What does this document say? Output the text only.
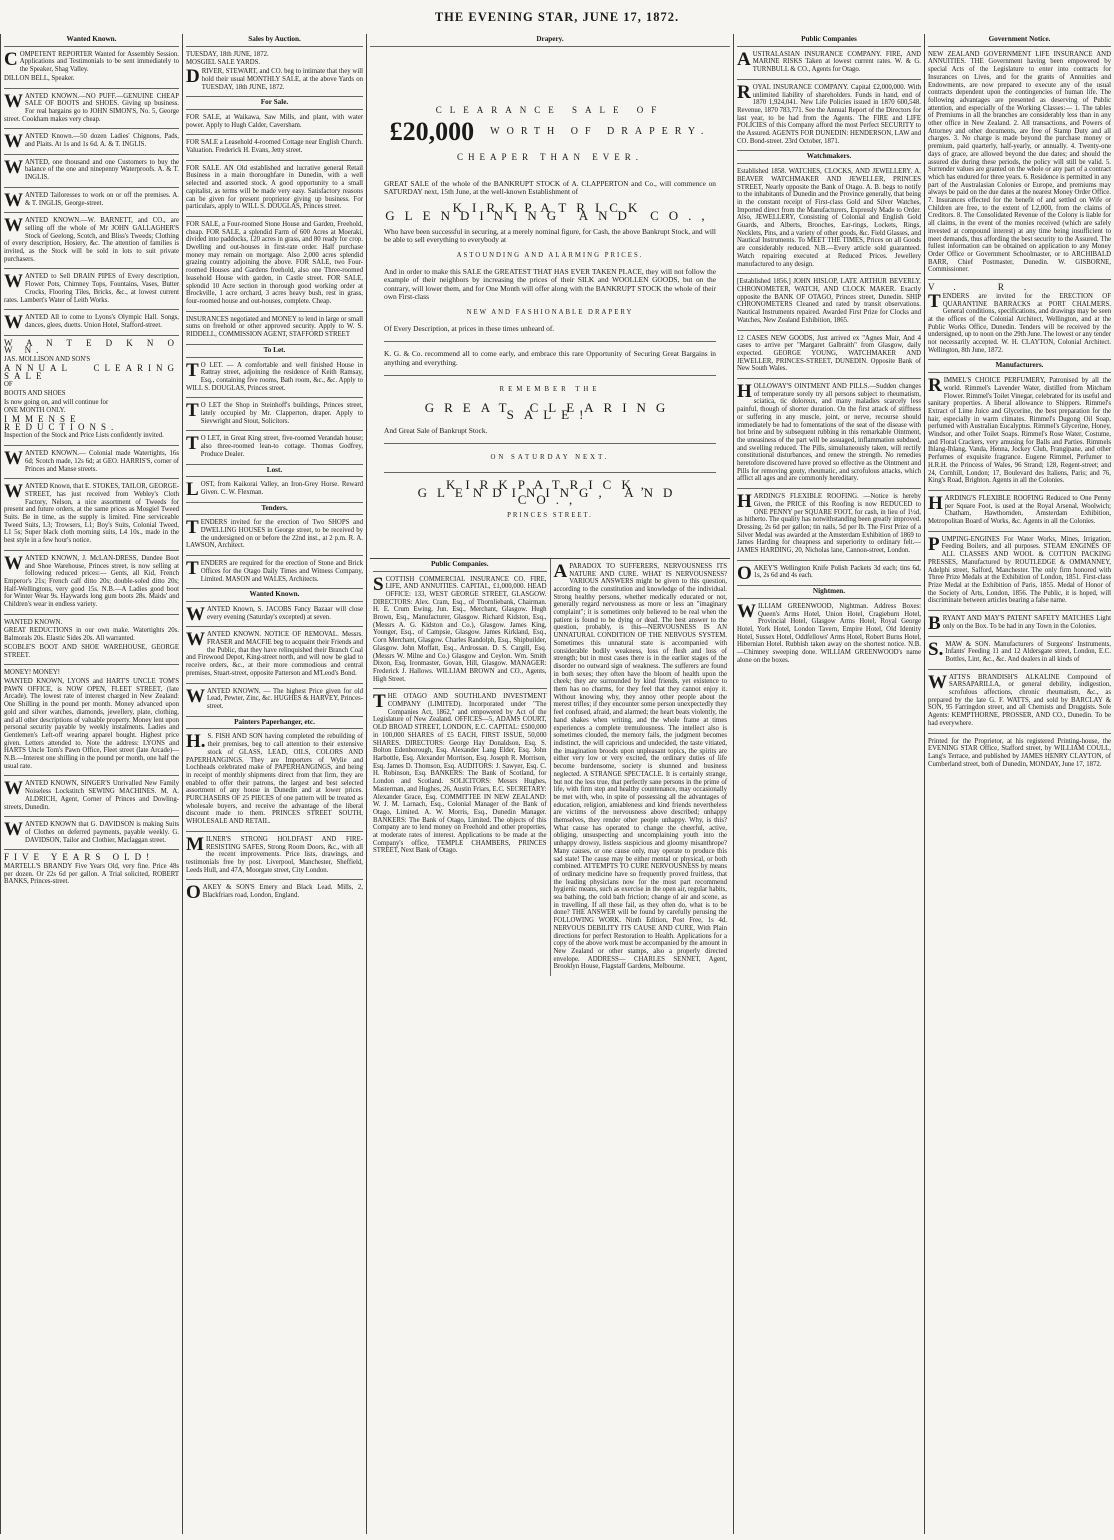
THE EVENING STAR, JUNE 17, 1872.
Wanted Known.

COMPETENT REPORTER Wanted for Assembly Session. Applications and Testimonials to be sent immediately to the Speaker, Shag Valley.

DILLON BELL, Speaker.

WANTED KNOWN.—NO PUFF.—GENUINE CHEAP SALE OF BOOTS and SHOES. Giving up business. For real bargains go to JOHN SIMON'S, No. 5, George street. Cookham makes very cheap.

WANTED Known.—50 dozen Ladies' Chignons, Pads, and Plaits. At 1s and 1s 6d. A. & T. INGLIS.

WANTED, one thousand and one Customers to buy the balance of the one and ninepenny Waterproofs. A. & T. INGLIS.

WANTED Tailoresses to work on or off the premises. A. & T. INGLIS, George-street.

WANTED KNOWN.—W. BARNETT, and CO., are selling off the whole of Mr JOHN GALLAGHER'S Stock of Geelong, Scotch, and Bliss's Tweeds; Clothing of every description, Hosiery, &c. The attention of families is invited, as the Stock will be sold in lots to suit private purchasers.

WANTED to Sell DRAIN PIPES of Every description, Flower Pots, Chimney Tops, Fountains, Vases, Butter Crocks, Flooring Tiles, Bricks, &c., at lowest current rates. Lambert's Water of Leith Works.

WANTED All to come to Lyons's Olympic Hall. Songs, dances, glees, duetts. Union Hotel, Stafford-street.

W A N T E D K N O W N.

JAS. MOLLISON AND SON'S

ANNUAL CLEARING SALE

OF

BOOTS AND SHOES

Is now going on, and will continue for

ONE MONTH ONLY.

IMMENSE REDUCTIONS.

Inspection of the Stock and Price Lists confidently invited.

WANTED KNOWN.— Colonial made Watertights, 16s 6d; Scotch made, 12s 6d; at GEO. HARRIS'S, corner of Princes and Manse streets.

WANTED Known, that E. STOKES, TAILOR, GEORGE-STREET, has just received from Webley's Cloth Factory, Nelson, a nice assortment of Tweeds for present and future orders, at the same prices as Mosgiel Tweed Suits. Be in time, as the supply is limited. Fine serviceable Tweed Suits, L3; Trowsers, L1; Boy's Suits, Colonial Tweed, L1 5s; Super black cloth morning suits, L4 10s., made in the best style in a few hour's notice.

WANTED KNOWN, J. McLAN-DRESS, Dundee Boot and Shoe Warehouse, Princes street, is now selling at following reduced prices:— Gents, all Kid, French Emperor's 21s; French calf ditto 20s; double-soled ditto 20s; Half-Wellingtons, very good 15s. N.B.—A Ladies good boot for Winter Wear 9s. Haywards long gum boots 28s. Maids' and Children's wear in endless variety.

WANTED KNOWN.

GREAT REDUCTIONS in our own make. Watertights 20s. Balmorals 20s. Elastic Sides 20s. All warranted.

SCOBLE'S BOOT AND SHOE WAREHOUSE, GEORGE STREET.

MONEY! MONEY!

WANTED KNOWN, LYONS and HART'S UNCLE TOM'S PAWN OFFICE, is NOW OPEN, FLEET STREET, (late Arcade). The lowest rate of interest charged in New Zealand: One Shilling in the pound per month. Money advanced upon gold and silver watches, diamonds, jewellery, plate, clothing, and all other descriptions of valuable property. Money lent upon personal security payable by weekly instalments. Ladies and Gentlemen's Left-off wearing apparel bought. Highest price given. Letters attended to. Note the address: LYONS and HARTS Uncle Tom's Pawn Office, Fleet street (late Arcade)— N.B.—Interest one shilling in the pound per month, one half the usual rate.

WANTED KNOWN, SINGER'S Unrivalled New Family Noiseless Lockstitch SEWING MACHINES. M. A. ALDRICH, Agent, Corner of Princes and Dowling-streets, Dunedin.

WANTED KNOWN that G. DAVIDSON is making Suits of Clothes on deferred payments, payable weekly. G. DAVIDSON, Tailor and Clothier, Maclaggan street.

FIVE YEARS OLD!

MARTELL'S BRANDY Five Years Old, very fine. Price 48s per dozen. Or 22s 6d per gallon. A Trial solicited, ROBERT BANKS, Princes-street.

Sales by Auction.

TUESDAY, 18th JUNE, 1872.

MOSGIEL SALE YARDS.

DRIVER, STEWART, and CO. beg to intimate that they will hold their usual MONTHLY SALE, at the above Yards on TUESDAY, 18th JUNE, 1872.

For Sale.

FOR SALE, at Waikawa, Saw Mills, and plant, with water power. Apply to Hugh Calder, Caversham.

FOR SALE a Leasehold 4-roomed Cottage near English Church. Valuation. Frederick H. Evans, Jetty street.

FOR SALE. AN Old established and lucrative general Retail Business in a main thoroughfare in Dunedin, with a well selected and assorted stock. A good opportunity to a small capitalist, as terms will be made very easy. Satisfactory reasons can be given for present proprietor giving up business. For particulars, apply to WILL S. DOUGLAS, Princes street.

FOR SALE, a Four-roomed Stone House and Garden, Freehold, cheap. FOR SALE, a splendid Farm of 600 Acres at Moeraki, divided into paddocks, 120 acres in grass, and 80 ready for crop. Dwelling and out-houses in first-rate order. Half purchase money may remain on mortgage. Also 2,000 acres splendid grazing country adjoining the above. FOR SALE, two Four-roomed Houses and Gardens freehold, also one Three-roomed leasehold House with garden, in Castle street. FOR SALE, splendid 10 Acre section in thorough good working order at Brockville, 1 acre orchard, 3 acres heavy bush, rest in grass, four-roomed house and out-houses, complete. Cheap.

INSURANCES negotiated and MONEY to lend in large or small sums on freehold or other approved security. Apply to W. S. RIDDELL, COMMISSION AGENT, STAFFORD STREET

To Let.

TO LET. — A comfortable and well finished House in Rattray street, adjoining the residence of Keith Ramsay, Esq., containing five rooms, Bath room, &c., &c. Apply to WILL S. DOUGLAS, Princes street.

TO LET the Shop in Steinhoff's buildings, Princes street, lately occupied by Mr. Clapperton, draper. Apply to Sievwright and Stout, Solicitors.

TO LET, in Great King street, five-roomed Verandah house; also three-roomed lean-to cottage. Thomas Godfrey, Produce Dealer.

Lost.

LOST, from Kaikorai Valley, an Iron-Grey Horse. Reward Given. C. W. Flexman.

Tenders.

TENDERS invited for the erection of Two SHOPS and DWELLING HOUSES in George street, to be received by the undersigned on or before the 22nd inst., at 2 p.m. R. A. LAWSON, Architect.

TENDERS are required for the erection of Stone and Brick Offices for the Otago Daily Times and Witness Company, Limited. MASON and WALES, Architects.

Wanted Known.

WANTED Known, S. JACOBS Fancy Bazaar will close every evening (Saturday's excepted) at seven.

WANTED KNOWN. NOTICE OF REMOVAL. Messrs. FRASER and MACFIE beg to acquaint their Friends and the Public, that they have relinquished their Branch Coal and Firewood Depot, King-street north, and will now be glad to receive orders, &c., at their more commodious and central premises, Stuart-street, opposite Patterson and M'Leod's Bond.

WANTED KNOWN. — The highest Price given for old Lead, Pewter, Zinc, &c. HUGHES & HARVEY, Princes-street.

Painters Paperhanger, etc.

H.S. FISH AND SON having completed the rebuilding of their premises, beg to call attention to their extensive stock of GLASS, LEAD, OILS, COLORS AND PAPERHANGINGS. They are Importers of Wylie and Lochheads celebrated make of PAPERHANGINGS, and being in receipt of monthly shipments direct from that firm, they are enabled to offer their patrons, the largest and best selected assortment of any house in Dunedin and at lower prices. PURCHASERS OF 25 PIECES of one pattern will be treated as wholesale buyers, and receive the advantage of the liberal discount made to them. PRINCES STREET SOUTH, WHOLESALE AND RETAIL.

MILNER'S STRONG HOLDFAST AND FIRE-RESISTING SAFES, Strong Room Doors, &c., with all the recent improvements. Price lists, drawings, and testimonials free by post. Liverpool, Manchester, Sheffield, Leeds Hull, and 47A, Moorgate street, City London.

OAKEY & SON'S Emery and Black Lead. Mills, 2, Blackfriars road, London, England.

Drapery.
CLEARANCE SALE OF
£20,000 WORTH OF DRAPERY.
CHEAPER THAN EVER.

GREAT SALE of the whole of the BANKRUPT STOCK of A. CLAPPERTON and Co., will commence on SATURDAY next, 15th June, at the well-known Establishment of

KIRKPATRICK GLENDINING AND CO.,

Who have been successful in securing, at a merely nominal figure, for Cash, the above Bankrupt Stock, and will be able to sell everything to everybody at

ASTOUNDING AND ALARMING PRICES.

And in order to make this SALE the GREATEST THAT HAS EVER TAKEN PLACE, they will not follow the example of their neighbors by increasing the prices of their SILK and WOOLLEN GOODS, but on the contrary, will lower them, and for One Month will offer along with the BANKRUPT STOCK the whole of their own First-class

NEW AND FASHIONABLE DRAPERY

Of Every Description, at prices in these times unheard of.

K. G. & Co. recommend all to come early, and embrace this rare Opportunity of Securing Great Bargains in anything and everything.

REMEMBER THE
GREAT CLEARING SALE!

And Great Sale of Bankrupt Stock.

ON SATURDAY NEXT.
KIRKPATRICK, GLENDINING, AND CO.,
PRINCES STREET.
Public Companies.

SCOTTISH COMMERCIAL INSURANCE CO. FIRE, LIFE, AND ANNUITIES. CAPITAL, £1,000,000. HEAD OFFICE: 133, WEST GEORGE STREET, GLASGOW. DIRECTORS: Alex. Cram, Esq., of Thornliebank, Chairman. H. E. Crum Ewing, Jun. Esq., Merchant, Glasgow. Hugh Brown, Esq., Manufacturer, Glasgow. Richard Kidston, Esq., (Messrs A. G. Kidston and Co.), Glasgow. James King, Younger, Esq., of Campsie, Glasgow. James Kirkland, Esq., Corn Merchant, Glasgow. Charles Randolph, Esq., Shipbuilder, Glasgow. John Moffatt, Esq., Ardrossan. D. S. Cargill, Esq. (Messrs W. Milne and Co.) Glasgow and Ceylon. Wm. Smith Dixon, Esq, Ironmaster, Govan, Hill, Glasgow. MANAGER: Frederick J. Hallows. WILLIAM BROWN and CO., Agents, High Street.

THE OTAGO AND SOUTHLAND INVESTMENT COMPANY (LIMITED). Incorporated under "The Companies Act, 1862," and empowered by Act of the Legislature of New Zealand. OFFICES—5, ADAMS COURT, OLD BROAD STREET, LONDON, E.C. CAPITAL: £500,000 in 100,000 SHARES of £5 EACH, FIRST ISSUE, 50,000 SHARES. DIRECTORS: George Hay Donaldson, Esq. S. Bolton Edenborough, Esq. Alexander Lang Elder, Esq. John Harbottle, Esq. Alexander Morrison, Esq. Joseph R. Morrison, Esq. James D. Thomson, Esq. AUDITORS: J. Sawyer, Esq. C. H. Robinson, Esq. BANKERS: The Bank of Scotland, for London and Scotland. SOLICITORS: Messrs Hughes, Masterman, and Hughes, 26, Austin Friars, E.C. SECRETARY: Alexander Grace, Esq. COMMITTEE IN NEW ZEALAND: W. J. M. Larnach, Esq., Colonial Manager of the Bank of Otago, Limited. A. W. Morris, Esq., Dunedin Manager. BANKERS: The Bank of Otago, Limited. The objects of this Company are to lend money on Freehold and other properties, at moderate rates of interest. Applications to be made at the Company's office, TEMPLE CHAMBERS, PRINCES STREET, Next Bank of Otago.

APARADOX TO SUFFERERS, NERVOUSNESS ITS NATURE AND CURE. WHAT IS NERVOUSNESS? VARIOUS ANSWERS might be given to this question, according to the constitution and knowledge of the individual. Strong healthy persons, whether medically educated or not, generally regard nervousness as more or less an "imaginary complaint"; it is sometimes only believed to be real when the patient is found to be dying or dead. The best answer to the question, probably, is this—NERVOUSNESS IS AN UNNATURAL CONDITION OF THE NERVOUS SYSTEM. Sometimes this unnatural state is accompanied with considerable bodily weakness, loss of flesh and loss of strength; but in most cases there is in the earlier stages of the disorder no outward sign of weakness. The sufferers are found in both sexes; they often have the bloom of health upon the cheek; they are surrounded by kind friends, yet existence to them has no charms, for they feel that they cannot enjoy it. Without knowing why, they annoy other people about the merest trifles; if they encounter some person unexpectedly they feel confused, afraid, and alarmed; the heart beats violently, the hand shakes when writing, and the whole frame at times experiences a complete tremulousness. The intellect also is sometimes clouded, the memory fails, the judgment becomes indistinct, the will capricious and undecided, the taste vitiated, the imagination broods upon unpleasant topics, the spirits are either very low or very excited, the ordinary duties of life become burdensome, society is shunned and business neglected. A STRANGE SPECTACLE. It is certainly strange, but not the less true, that perfectly sane persons in the prime of life, with firm step and healthy countenance, may occasionally be met with, who, in spite of possessing all the advantages of education, religion, amiableness and kind friends nevertheless are victims of the nervousness above described; unhappy themselves, they render other people unhappy. Why, is this? What cause has operated to change the cheerful, active, obliging, unsuspecting and uncomplaining youth into the unhappy drowsy, listless suspicious and gloomy misanthrope? Many causes, or one cause only, may operate to produce this sad state! The cause may be either mental or physical, or both combined. ATTEMPTS TO CURE NERVOUSNESS by means of ordinary medicine have so frequently proved fruitless, that the leading physicians now for the most part recommend hygienic means, such as exercise in the open air, regular habits, sea bathing, the cold bath friction; change of air and scene, as in travelling. If all these fail, as they often do, what is to be done? THE ANSWER will be found by carefully perusing the FOLLOWING WORK. Ninth Edition, Post Free, 1s 4d. NERVOUS DEBILITY ITS CAUSE AND CURE, With Plain directions for perfect Restoration to Health. Applications for a copy of the above work must be accompanied by the amount in New Zealand or other stamps, also a properly directed envelope. ADDRESS— CHARLES SENNET, Agent, Brooklyn House, Flagstaff Gardens, Melbourne.

Public Companies

AUSTRALASIAN INSURANCE COMPANY. FIRE, AND MARINE RISKS Taken at lowest current rates. W. & G. TURNBULL & CO., Agents for Otago.

ROYAL INSURANCE COMPANY. Capital £2,000,000. With unlimited liability of shareholders. Funds in hand, end of 1870 1,924,041. New Life Policies issued in 1870 600,548. Revenue, 1870 783,771. See the Annual Report of the Directors for last year, to be had from the Agents. The FIRE and LIFE POLICIES of this Company afford the most Perfect SECURITY to the Assured. AGENTS FOR DUNEDIN: HENDERSON, LAW and CO. Bond-street. 23rd October, 1871.

Watchmakers.

Established 1858. WATCHES, CLOCKS, AND JEWELLERY. A. BEAVER WATCHMAKER AND JEWELLER, PRINCES STREET, Nearly opposite the Bank of Otago. A. B. begs to notify to the inhabitants of Dunedin and the Province generally, that being in the constant receipt of First-class Gold and Silver Watches, Imported direct from the Manufacturers, Expressly Made to Order. Also, JEWELLERY, Consisting of Colonial and English Gold Guards, and Alberts, Brooches, Ear-rings, Lockets, Rings, Necklets, Pins, and a variety of other goods, &c. Field Glasses, and Nautical Instruments. To MEET THE TIMES, Prices on all Goods are considerably reduced. N.B.—Every article sold guaranteed. Watch repairing executed at Reduced Prices. Jewellery manufactured to any design.

[Established 1856.] JOHN HISLOP, LATE ARTHUR BEVERLY. CHRONOMETER, WATCH, AND CLOCK MAKER. Exactly opposite the BANK OF OTAGO, Princes street, Dunedin. SHIP CHRONOMETERS Cleaned and rated by transit observations. Nautical Instruments repaired. Awarded First Prize for Clocks and Watches, New Zealand Exhibition, 1865.

12 CASES NEW GOODS, Just arrived ex "Agnes Muir, And 4 cases to arrive per "Margaret Galbraith" from Glasgow, daily expected. GEORGE YOUNG, WATCHMAKER AND JEWELLER, PRINCES-STREET, DUNEDIN. Opposite Bank of New South Wales.

HOLLOWAY'S OINTMENT AND PILLS.—Sudden changes of temperature sorely try all persons subject to rheumatism, sciatica, tic doloreux, and many maladies scarcely less painful, though of shorter duration. On the first attack of stiffness or suffering in any muscle, joint, or nerve, recourse should immediately be had to fomentations of the seat of the disease with hot brine and by subsequent rubbing in this remarkable Ointment, the uneasiness of the part will be assuaged, inflammation subdued, and swelling reduced. The Pills, simultaneously taken, will rectify constitutional disturbances, and renew the strength. No remedies heretofore discovered have proved so effective as the Ointment and Pills for removing gouty, rheumatic, and scrofulous attacks, which afflict all ages and are commonly hereditary.

HARDING'S FLEXIBLE ROOFING. —Notice is hereby Given, the PRICE of this Roofing is now REDUCED to ONE PENNY per SQUARE FOOT, for cash, in lieu of 1½d, as hitherto. The quality has notwithstanding been greatly improved. Dressing, 2s 6d per gallon; tin nails, 5d per lb. The First Prize of a Silver Medal was awarded at the Amsterdam Exhibition of 1869 to James Harding for cheapness and superiority to ordinary felt.—JAMES HARDING, 20, Nicholas lane, Cannon-street, London.

OAKEY'S Wellington Knife Polish Packets 3d each; tins 6d, 1s, 2s 6d and 4s each.

Nightmen.

WILLIAM GREENWOOD, Nightman. Address Boxes: Queen's Arms Hotel, Union Hotel, Cragieburn Hotel, Provincial Hotel, Glasgow Arms Hotel, Royal George Hotel, York Hotel, London Tavern, Empire Hotel, Old Identity Hotel, Sussex Hotel, Oddfellows' Arms Hotel, Robert Burns Hotel, Hibernian Hotel. Rubbish taken away on the shortest notice. N.B.—Chimney sweeping done. WILLIAM GREENWOOD's name alone on the boxes.

Government Notice.

NEW ZEALAND GOVERNMENT LIFE INSURANCE AND ANNUITIES. THE Government having been empowered by special Acts of the Legislature to enter into contracts for Insurances on Lives, and for the grants of Annuities and Endowments, are now prepared to execute any of the usual contracts dependent upon the contingencies of human life. The following advantages are presented as deserving of Public attention, and especially of the Working Classes:— 1. The tables of Premiums in all the branches are considerably less than in any other office in New Zealand. 2. All transactions, and Powers of Attorney and other documents, are free of Stamp Duty and all charges. 3. No charge is made beyond the purchase money or premium, paid quarterly, half-yearly, or annually. 4. Twenty-one days of grace, are allowed beyond the due dates; and should the assured die during these periods, the policy will still be valid. 5. Surrender values are granted on the whole or any part of a contract which has endured for three years. 6. Residence is permitted in any part of the Australasian Colonies or Europe, and premiums may always be paid on the due dates at the nearest Money Order Office. 7. Insurances effected for the benefit of and settled on Wife or Children are free, to the extent of L2,000, from the claims of Creditors. 8. The Consolidated Revenue of the Colony is liable for all claims, in the event of the monies received (which are safely invested at compound interest) at any time being insufficient to meet demands, thus affording the best security to the Assured. The fullest information can be obtained on application to any Money Order Office or Government Schoolmaster, or to ARCHIBALD BARR, Chief Postmaster, Dunedin. W. GISBORNE, Commissioner.

V. R.

TENDERS are invited for the ERECTION OF QUARANTINE BARRACKS at PORT CHALMERS. General conditions, specifications, and drawings may be seen at the offices of the Colonial Architect, Wellington, and at the Public Works Office, Dunedin. Tenders will be received by the undersigned, up to noon on the 29th June. The lowest or any tender not necessarily accepted. W. H. CLAYTON, Colonial Architect. Wellington, 8th June, 1872.

Manufacturers.

RIMMEL'S CHOICE PERFUMERY, Patronised by all the world. Rimmel's Lavender Water, distilled from Mitcham Flower. Rimmel's Toilet Vinegar, celebrated for its useful and sanitary properties. A liberal allowance to Shippers. Rimmel's Extract of Lime Juice and Glycerine, the best preparation for the hair, especially in warm climates. Rimmel's Dugong Oil Soap, perfumed with Australian Eucalyptus. Rimmel's Glycerine, Honey, Windsor, and other Toilet Soaps. Rimmel's Rose Water, Costume, and Floral Crackers, very amusing for Balls and Parties. Rimmels Ihlang-Ihlang, Vanda, Henna, Jockey Club, Frangipane, and other Perfumes of exquisite fragrance. Eugene Rimmel, Perfumer to H.R.H. the Princess of Wales, 96 Strand; 128, Regent-street; and 24, Cornhill, London; 17, Boulevard des Italiens, Paris; and 76, King's Road, Brighton. Agents in all the Colonies.

HARDING'S FLEXIBLE ROOFING Reduced to One Penny per Square Foot, is used at the Royal Arsenal, Woolwich; Chatham, Hawthornden, Amsterdam Exhibition, Metropolitan Board of Works, &c. Agents in all the Colonies.

PUMPING-ENGINES For Water Works, Mines, Irrigation, Feeding Boilers, and all purposes. STEAM ENGINES OF ALL CLASSES AND WOOL & COTTON PACKING PRESSES, Manufactured by ROUTLEDGE & OMMANNEY, Adelphi street, Salford, Manchester. The only firm honored with Three Prize Medals at the Exhibition of London, 1851. First-class Prize Medal at the Exhibition of Paris, 1855. Medal of Honor of the Society of Arts, London, 1856. The Public, it is hoped, will discriminate between articles bearing a false name.

BRYANT AND MAY'S PATENT SAFETY MATCHES Light only on the Box. To be had in any Town in the Colonies.

S.MAW & SON. Manufacturers of Surgeons' Instruments, Infants' Feeding 11 and 12 Aldersgate street, London, E.C. Bottles, Lint, &c., &c. And dealers in all kinds of

WATTS'S BRANDISH'S ALKALINE Compound of SARSAPARILLA, or general debility, indigestion, scrofulous affections, chronic rheumatism, &c., as prepared by the late G. F. WATTS, and sold by BARCLAY & SON, 95 Farringdon street, and all Chemists and Druggists. Sole Agents: KEMPTHORNE, PROSSER, AND CO., Dunedin. To be had everywhere.

Printed for the Proprietor, at his registered Printing-house, the EVENING STAR Office, Stafford street, by WILLIAM COULL, Lang's Terrace, and published by JAMES HENRY CLAYTON, of Cumberland street, both of Dunedin, MONDAY, June 17, 1872.
